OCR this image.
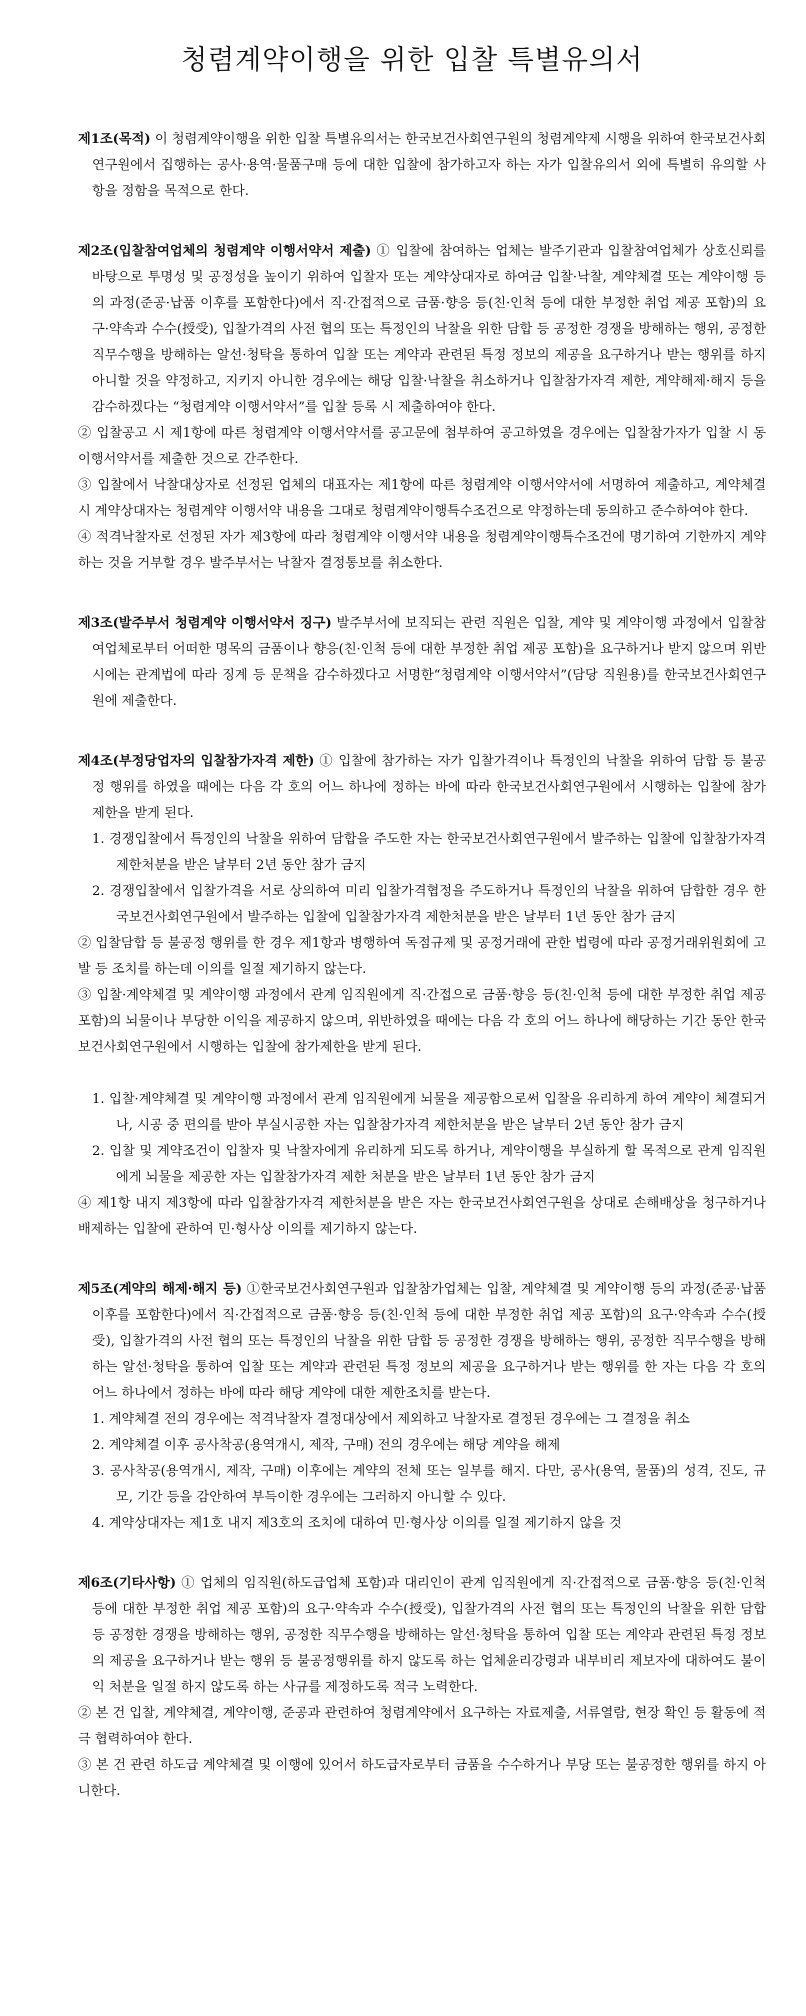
청렴계약이행을 위한 입찰 특별유의서

제1조(목적) 이 청렴계약이행을 위한 입찰 특별유의서는 한국보건사회연구원의 청렴계약제 시행을 위하여 한국보건사회연구원에서 집행하는 공사·용역·물품구매 등에 대한 입찰에 참가하고자 하는 자가 입찰유의서 외에 특별히 유의할 사항을 정함을 목적으로 한다.

제2조(입찰참여업체의 청렴계약 이행서약서 제출) ① 입찰에 참여하는 업체는 발주기관과 입찰참여업체가 상호신뢰를 바탕으로 투명성 및 공정성을 높이기 위하여 입찰자 또는 계약상대자로 하여금 입찰·낙찰, 계약체결 또는 계약이행 등의 과정(준공·납품 이후를 포함한다)에서 직·간접적으로 금품·향응 등(친·인척 등에 대한 부정한 취업 제공 포함)의 요구·약속과 수수(授受), 입찰가격의 사전 협의 또는 특정인의 낙찰을 위한 담합 등 공정한 경쟁을 방해하는 행위, 공정한 직무수행을 방해하는 알선·청탁을 통하여 입찰 또는 계약과 관련된 특정 정보의 제공을 요구하거나 받는 행위를 하지 아니할 것을 약정하고, 지키지 아니한 경우에는 해당 입찰·낙찰을 취소하거나 입찰참가자격 제한, 계약해제·해지 등을 감수하겠다는 “청렴계약 이행서약서”를 입찰 등록 시 제출하여야 한다.

② 입찰공고 시 제1항에 따른 청렴계약 이행서약서를 공고문에 첨부하여 공고하였을 경우에는 입찰참가자가 입찰 시 동 이행서약서를 제출한 것으로 간주한다.

③ 입찰에서 낙찰대상자로 선정된 업체의 대표자는 제1항에 따른 청렴계약 이행서약서에 서명하여 제출하고, 계약체결 시 계약상대자는 청렴계약 이행서약 내용을 그대로 청렴계약이행특수조건으로 약정하는데 동의하고 준수하여야 한다.

④ 적격낙찰자로 선정된 자가 제3항에 따라 청렴계약 이행서약 내용을 청렴계약이행특수조건에 명기하여 기한까지 계약하는 것을 거부할 경우 발주부서는 낙찰자 결정통보를 취소한다.

제3조(발주부서 청렴계약 이행서약서 징구) 발주부서에 보직되는 관련 직원은 입찰, 계약 및 계약이행 과정에서 입찰참여업체로부터 어떠한 명목의 금품이나 향응(친·인척 등에 대한 부정한 취업 제공 포함)을 요구하거나 받지 않으며 위반 시에는 관계법에 따라 징계 등 문책을 감수하겠다고 서명한“청렴계약 이행서약서”(담당 직원용)를 한국보건사회연구원에 제출한다.

제4조(부정당업자의 입찰참가자격 제한) ① 입찰에 참가하는 자가 입찰가격이나 특정인의 낙찰을 위하여 담합 등 불공정 행위를 하였을 때에는 다음 각 호의 어느 하나에 정하는 바에 따라 한국보건사회연구원에서 시행하는 입찰에 참가제한을 받게 된다.

1. 경쟁입찰에서 특정인의 낙찰을 위하여 담합을 주도한 자는 한국보건사회연구원에서 발주하는 입찰에 입찰참가자격 제한처분을 받은 날부터 2년 동안 참가 금지
2. 경쟁입찰에서 입찰가격을 서로 상의하여 미리 입찰가격협정을 주도하거나 특정인의 낙찰을 위하여 담합한 경우 한국보건사회연구원에서 발주하는 입찰에 입찰참가자격 제한처분을 받은 날부터 1년 동안 참가 금지

② 입찰담합 등 불공정 행위를 한 경우 제1항과 병행하여 독점규제 및 공정거래에 관한 법령에 따라 공정거래위원회에 고발 등 조치를 하는데 이의를 일절 제기하지 않는다.

③ 입찰·계약체결 및 계약이행 과정에서 관계 임직원에게 직·간접으로 금품·향응 등(친·인척 등에 대한 부정한 취업 제공 포함)의 뇌물이나 부당한 이익을 제공하지 않으며, 위반하였을 때에는 다음 각 호의 어느 하나에 해당하는 기간 동안 한국보건사회연구원에서 시행하는 입찰에 참가제한을 받게 된다.

1. 입찰·계약체결 및 계약이행 과정에서 관계 임직원에게 뇌물을 제공함으로써 입찰을 유리하게 하여 계약이 체결되거나, 시공 중 편의를 받아 부실시공한 자는 입찰참가자격 제한처분을 받은 날부터 2년 동안 참가 금지
2. 입찰 및 계약조건이 입찰자 및 낙찰자에게 유리하게 되도록 하거나, 계약이행을 부실하게 할 목적으로 관계 임직원에게 뇌물을 제공한 자는 입찰참가자격 제한 처분을 받은 날부터 1년 동안 참가 금지

④ 제1항 내지 제3항에 따라 입찰참가자격 제한처분을 받은 자는 한국보건사회연구원을 상대로 손해배상을 청구하거나 배제하는 입찰에 관하여 민·형사상 이의를 제기하지 않는다.

제5조(계약의 해제·해지 등) ①한국보건사회연구원과 입찰참가업체는 입찰, 계약체결 및 계약이행 등의 과정(준공·납품 이후를 포함한다)에서 직·간접적으로 금품·향응 등(친·인척 등에 대한 부정한 취업 제공 포함)의 요구·약속과 수수(授受), 입찰가격의 사전 협의 또는 특정인의 낙찰을 위한 담합 등 공정한 경쟁을 방해하는 행위, 공정한 직무수행을 방해하는 알선·청탁을 통하여 입찰 또는 계약과 관련된 특정 정보의 제공을 요구하거나 받는 행위를 한 자는 다음 각 호의 어느 하나에서 정하는 바에 따라 해당 계약에 대한 제한조치를 받는다.

1. 계약체결 전의 경우에는 적격낙찰자 결정대상에서 제외하고 낙찰자로 결정된 경우에는 그 결정을 취소
2. 계약체결 이후 공사착공(용역개시, 제작, 구매) 전의 경우에는 해당 계약을 해제
3. 공사착공(용역개시, 제작, 구매) 이후에는 계약의 전체 또는 일부를 해지. 다만, 공사(용역, 물품)의 성격, 진도, 규모, 기간 등을 감안하여 부득이한 경우에는 그러하지 아니할 수 있다.
4. 계약상대자는 제1호 내지 제3호의 조치에 대하여 민·형사상 이의를 일절 제기하지 않을 것

제6조(기타사항) ① 업체의 임직원(하도급업체 포함)과 대리인이 관계 임직원에게 직·간접적으로 금품·향응 등(친·인척 등에 대한 부정한 취업 제공 포함)의 요구·약속과 수수(授受), 입찰가격의 사전 협의 또는 특정인의 낙찰을 위한 담합 등 공정한 경쟁을 방해하는 행위, 공정한 직무수행을 방해하는 알선·청탁을 통하여 입찰 또는 계약과 관련된 특정 정보의 제공을 요구하거나 받는 행위 등 불공정행위를 하지 않도록 하는 업체윤리강령과 내부비리 제보자에 대하여도 불이익 처분을 일절 하지 않도록 하는 사규를 제정하도록 적극 노력한다.

② 본 건 입찰, 계약체결, 계약이행, 준공과 관련하여 청렴계약에서 요구하는 자료제출, 서류열람, 현장 확인 등 활동에 적극 협력하여야 한다.

③ 본 건 관련 하도급 계약체결 및 이행에 있어서 하도급자로부터 금품을 수수하거나 부당 또는 불공정한 행위를 하지 아니한다.
